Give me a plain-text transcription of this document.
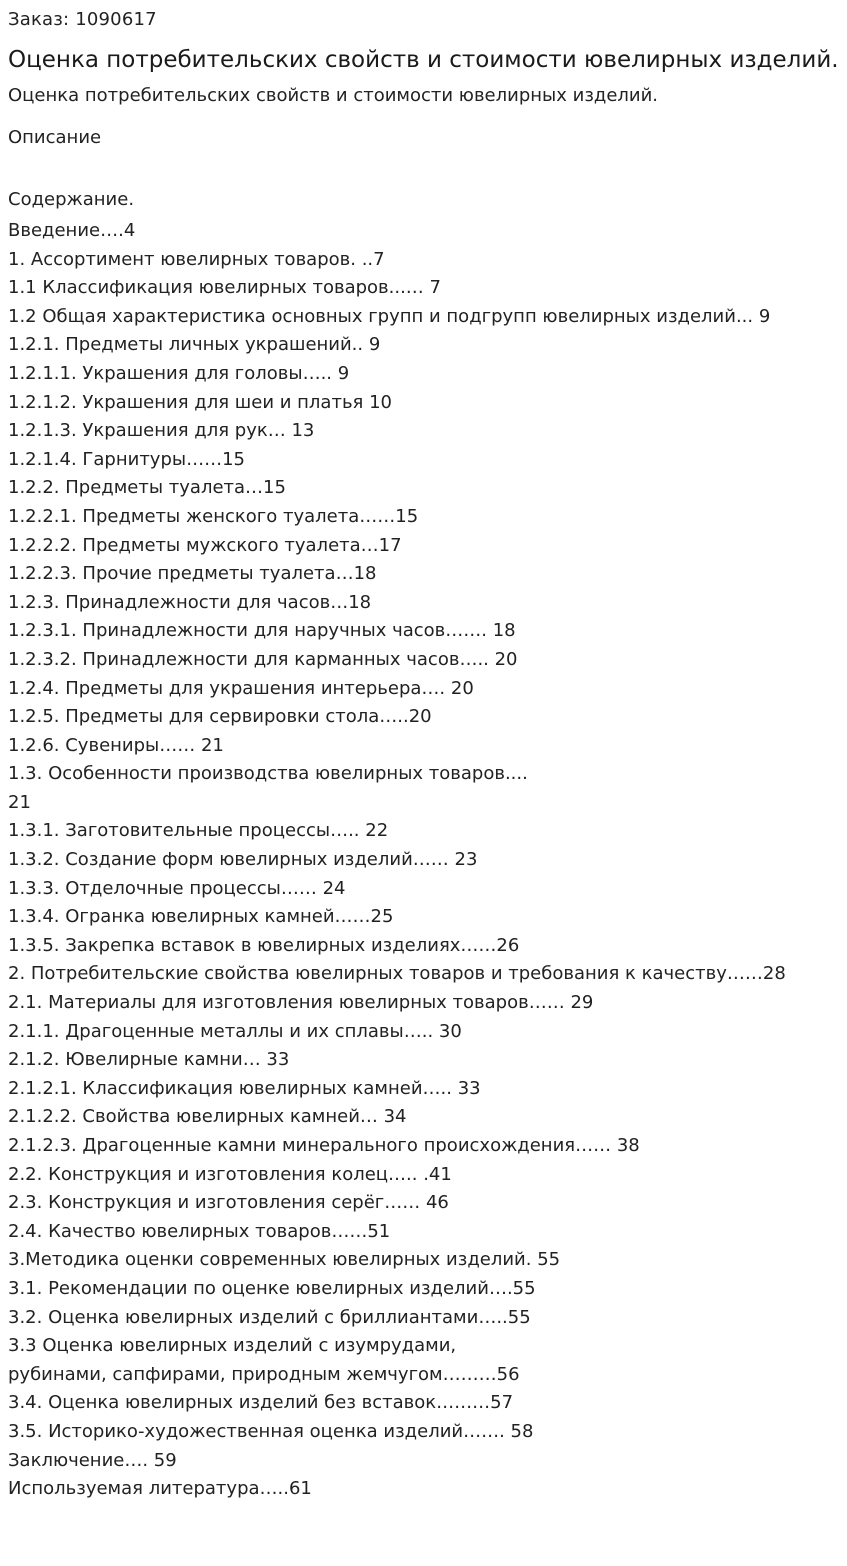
Заказ: 1090617
Оценка потребительских свойств и стоимости ювелирных изделий.
Оценка потребительских свойств и стоимости ювелирных изделий.
Описание
Содержание.
Введение….4
1. Ассортимент ювелирных товаров. ..7
1.1 Классификация ювелирных товаров...… 7
1.2 Общая характеристика основных групп и подгрупп ювелирных изделий... 9
1.2.1. Предметы личных украшений.. 9
1.2.1.1. Украшения для головы….. 9
1.2.1.2. Украшения для шеи и платья 10
1.2.1.3. Украшения для рук… 13
1.2.1.4. Гарнитуры……15
1.2.2. Предметы туалета…15
1.2.2.1. Предметы женского туалета……15
1.2.2.2. Предметы мужского туалета…17
1.2.2.3. Прочие предметы туалета…18
1.2.3. Принадлежности для часов…18
1.2.3.1. Принадлежности для наручных часов……. 18
1.2.3.2. Принадлежности для карманных часов….. 20
1.2.4. Предметы для украшения интерьера…. 20
1.2.5. Предметы для сервировки стола…..20
1.2.6. Сувениры…… 21
1.3. Особенности производства ювелирных товаров....
21
1.3.1. Заготовительные процессы….. 22
1.3.2. Создание форм ювелирных изделий…… 23
1.3.3. Отделочные процессы…… 24
1.3.4. Огранка ювелирных камней……25
1.3.5. Закрепка вставок в ювелирных изделиях……26
2. Потребительские свойства ювелирных товаров и требования к качеству……28
2.1. Материалы для изготовления ювелирных товаров…… 29
2.1.1. Драгоценные металлы и их сплавы….. 30
2.1.2. Ювелирные камни… 33
2.1.2.1. Классификация ювелирных камней….. 33
2.1.2.2. Свойства ювелирных камней… 34
2.1.2.3. Драгоценные камни минерального происхождения…… 38
2.2. Конструкция и изготовления колец….. .41
2.3. Конструкция и изготовления серёг…… 46
2.4. Качество ювелирных товаров……51
3.Методика оценки современных ювелирных изделий. 55
3.1. Рекомендации по оценке ювелирных изделий….55
3.2. Оценка ювелирных изделий с бриллиантами…..55
3.3 Оценка ювелирных изделий с изумрудами,
рубинами, сапфирами, природным жемчугом………56
3.4. Оценка ювелирных изделий без вставок………57
3.5. Историко-художественная оценка изделий……. 58
Заключение…. 59
Используемая литература…..61
